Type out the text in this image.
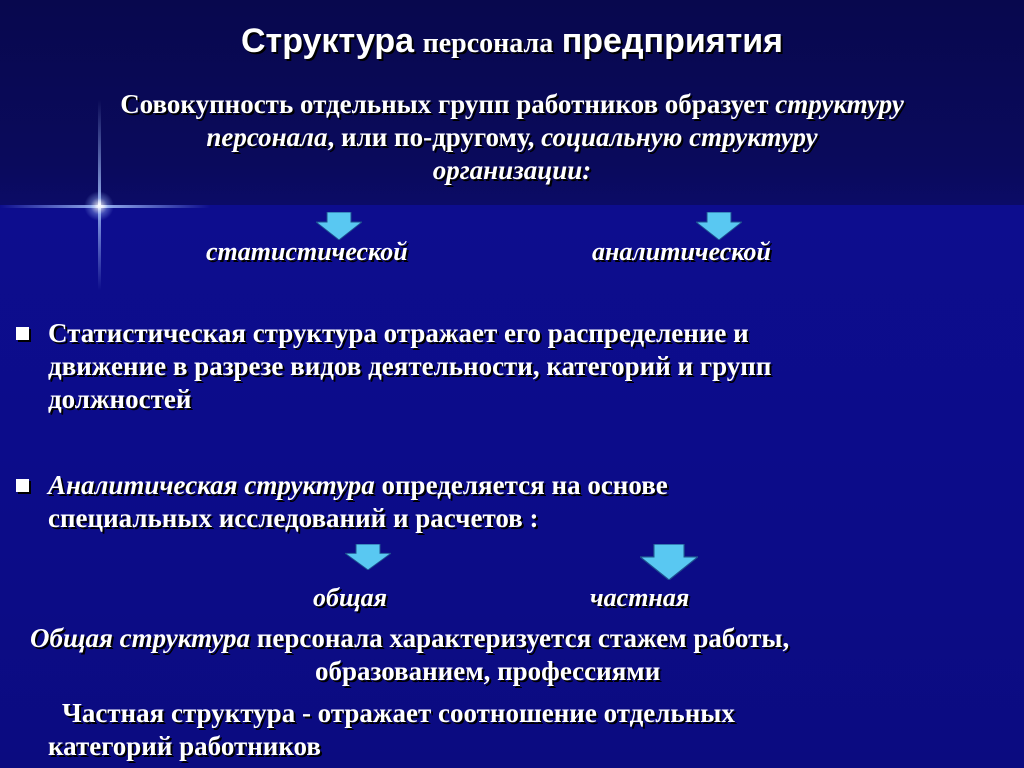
Структура персонала предприятия
Совокупность отдельных групп работников образует структуру
персонала, или по-другому, социальную структуру
организации:
статистической	аналитической
Статистическая структура отражает его распределение и
движение в разрезе видов деятельности, категорий и групп
должностей
Аналитическая структура определяется на основе
специальных исследований и расчетов :
общая	частная
Общая структура персонала характеризуется стажем работы,
образованием, профессиями
Частная структура - отражает соотношение отдельных
категорий работников
